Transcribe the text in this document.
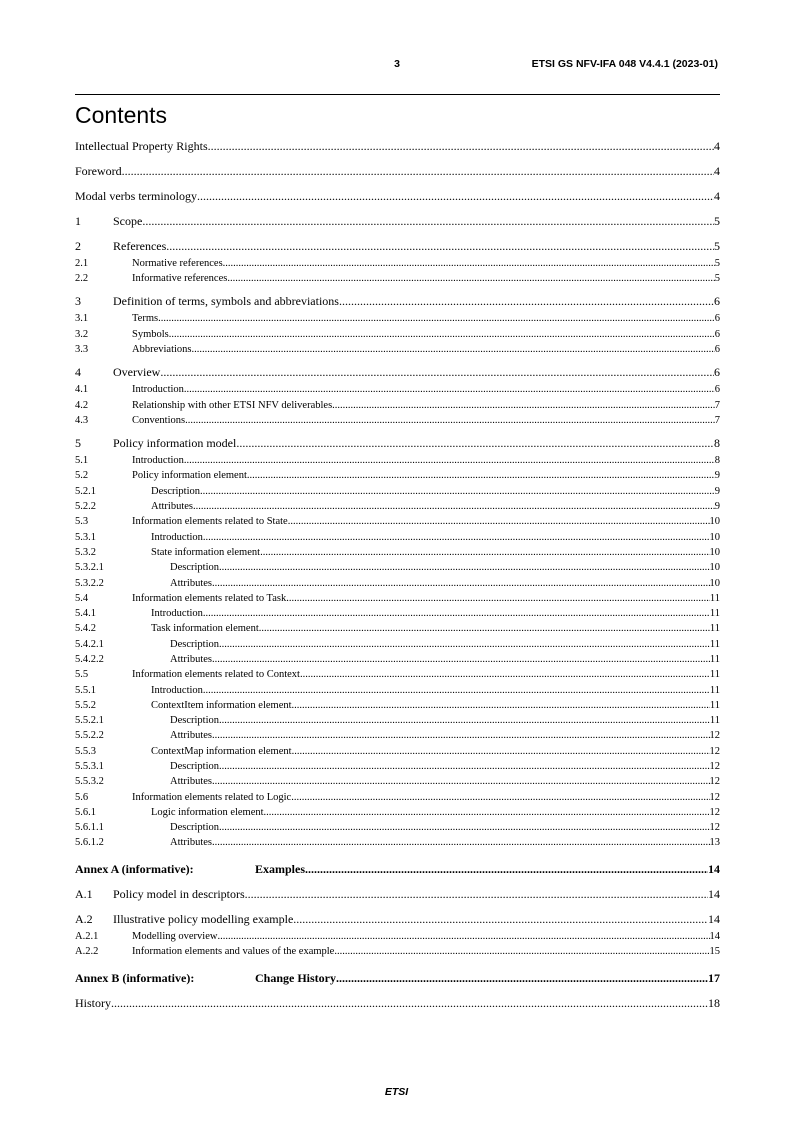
3	ETSI GS NFV-IFA 048 V4.4.1 (2023-01)
Contents
Intellectual Property Rights .....	4
Foreword .....	4
Modal verbs terminology .....	4
1	Scope .....	5
2	References .....	5
2.1	Normative references .....	5
2.2	Informative references .....	5
3	Definition of terms, symbols and abbreviations .....	6
3.1	Terms .....	6
3.2	Symbols .....	6
3.3	Abbreviations .....	6
4	Overview .....	6
4.1	Introduction .....	6
4.2	Relationship with other ETSI NFV deliverables .....	7
4.3	Conventions .....	7
5	Policy information model .....	8
5.1	Introduction .....	8
5.2	Policy information element .....	9
5.2.1	Description .....	9
5.2.2	Attributes .....	9
5.3	Information elements related to State .....	10
5.3.1	Introduction .....	10
5.3.2	State information element .....	10
5.3.2.1	Description .....	10
5.3.2.2	Attributes .....	10
5.4	Information elements related to Task .....	11
5.4.1	Introduction .....	11
5.4.2	Task information element .....	11
5.4.2.1	Description .....	11
5.4.2.2	Attributes .....	11
5.5	Information elements related to Context .....	11
5.5.1	Introduction .....	11
5.5.2	ContextItem information element .....	11
5.5.2.1	Description .....	11
5.5.2.2	Attributes .....	12
5.5.3	ContextMap information element .....	12
5.5.3.1	Description .....	12
5.5.3.2	Attributes .....	12
5.6	Information elements related to Logic .....	12
5.6.1	Logic information element .....	12
5.6.1.1	Description .....	12
5.6.1.2	Attributes .....	13
Annex A (informative):	Examples .....	14
A.1	Policy model in descriptors .....	14
A.2	Illustrative policy modelling example .....	14
A.2.1	Modelling overview .....	14
A.2.2	Information elements and values of the example .....	15
Annex B (informative):	Change History .....	17
History .....	18
ETSI
